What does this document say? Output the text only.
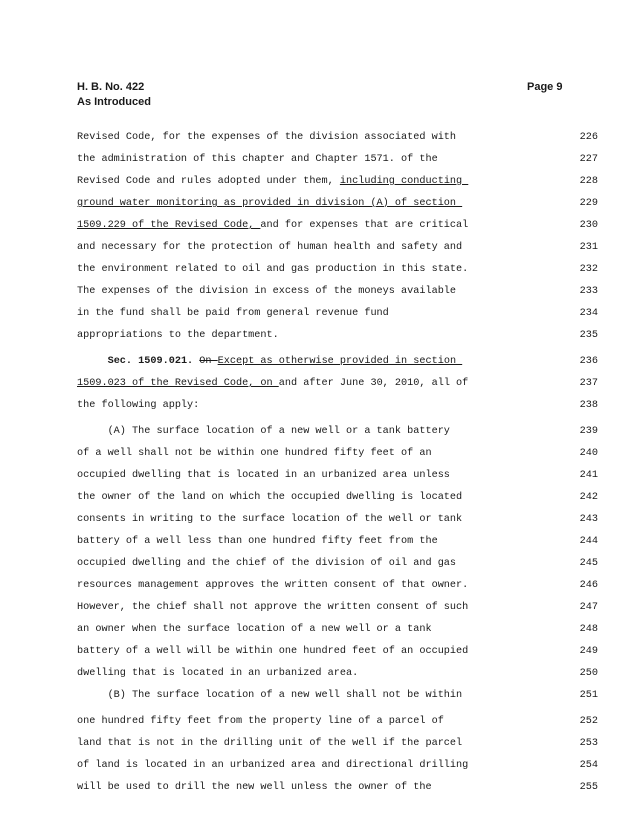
H. B. No. 422
As Introduced
Page 9
Revised Code, for the expenses of the division associated with	226
the administration of this chapter and Chapter 1571. of the	227
Revised Code and rules adopted under them, including conducting	228
ground water monitoring as provided in division (A) of section	229
1509.229 of the Revised Code, and for expenses that are critical	230
and necessary for the protection of human health and safety and	231
the environment related to oil and gas production in this state.	232
The expenses of the division in excess of the moneys available	233
in the fund shall be paid from general revenue fund	234
appropriations to the department.	235
Sec. 1509.021. On Except as otherwise provided in section	236
1509.023 of the Revised Code, on and after June 30, 2010, all of	237
the following apply:	238
(A) The surface location of a new well or a tank battery	239
of a well shall not be within one hundred fifty feet of an	240
occupied dwelling that is located in an urbanized area unless	241
the owner of the land on which the occupied dwelling is located	242
consents in writing to the surface location of the well or tank	243
battery of a well less than one hundred fifty feet from the	244
occupied dwelling and the chief of the division of oil and gas	245
resources management approves the written consent of that owner.	246
However, the chief shall not approve the written consent of such	247
an owner when the surface location of a new well or a tank	248
battery of a well will be within one hundred feet of an occupied	249
dwelling that is located in an urbanized area.	250
(B) The surface location of a new well shall not be within	251
one hundred fifty feet from the property line of a parcel of	252
land that is not in the drilling unit of the well if the parcel	253
of land is located in an urbanized area and directional drilling	254
will be used to drill the new well unless the owner of the	255
